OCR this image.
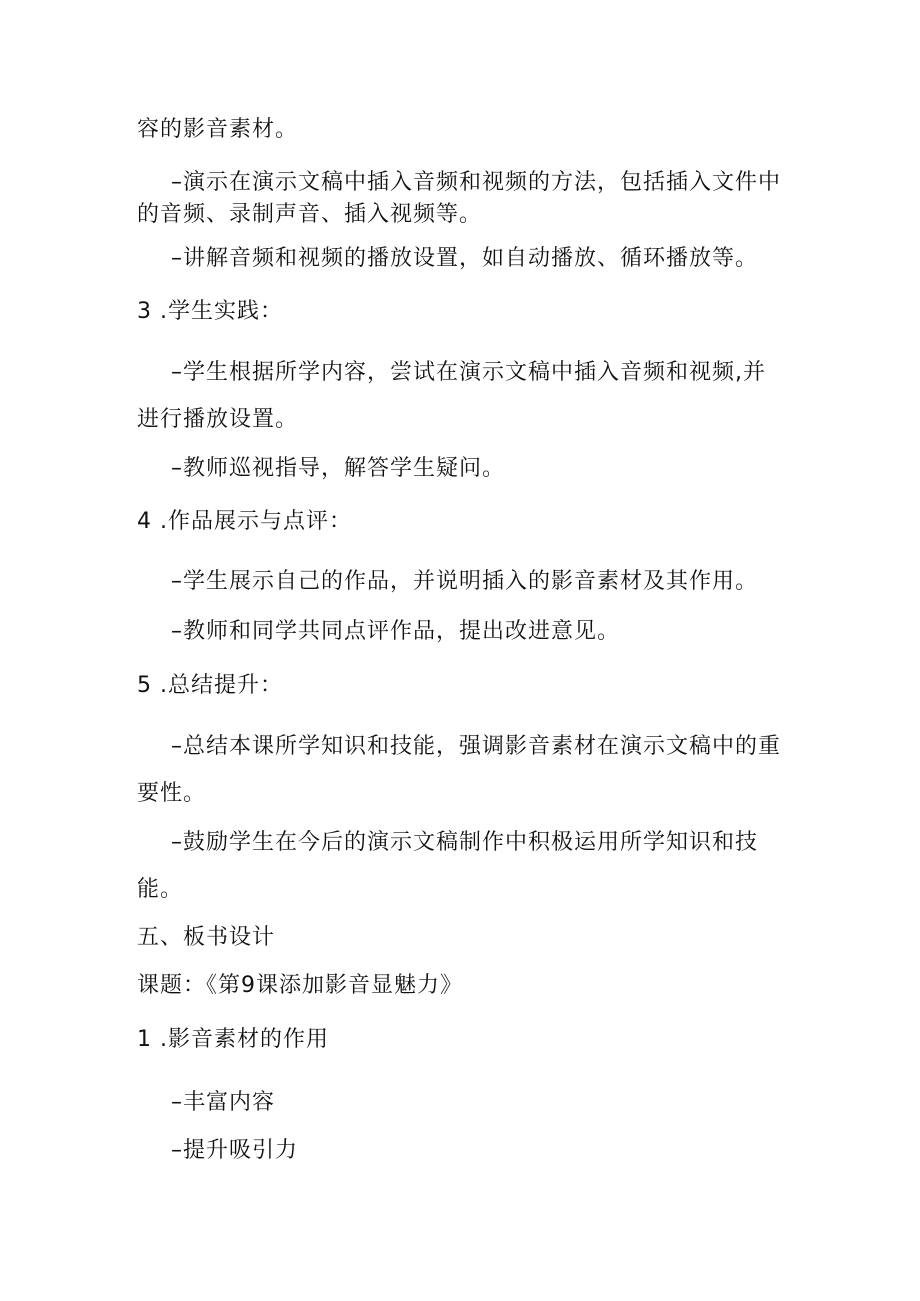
容的影音素材。
–演示在演示文稿中插入音频和视频的方法，包括插入文件中
的音频、录制声音、插入视频等。
–讲解音频和视频的播放设置，如自动播放、循环播放等。
3 .学生实践：
–学生根据所学内容，尝试在演示文稿中插入音频和视频,并
进行播放设置。
–教师巡视指导，解答学生疑问。
4 .作品展示与点评：
–学生展示自己的作品，并说明插入的影音素材及其作用。
–教师和同学共同点评作品，提出改进意见。
5 .总结提升：
–总结本课所学知识和技能，强调影音素材在演示文稿中的重
要性。
–鼓励学生在今后的演示文稿制作中积极运用所学知识和技
能。
五、板书设计
课题：《第9课添加影音显魅力》
1 .影音素材的作用
–丰富内容
–提升吸引力
